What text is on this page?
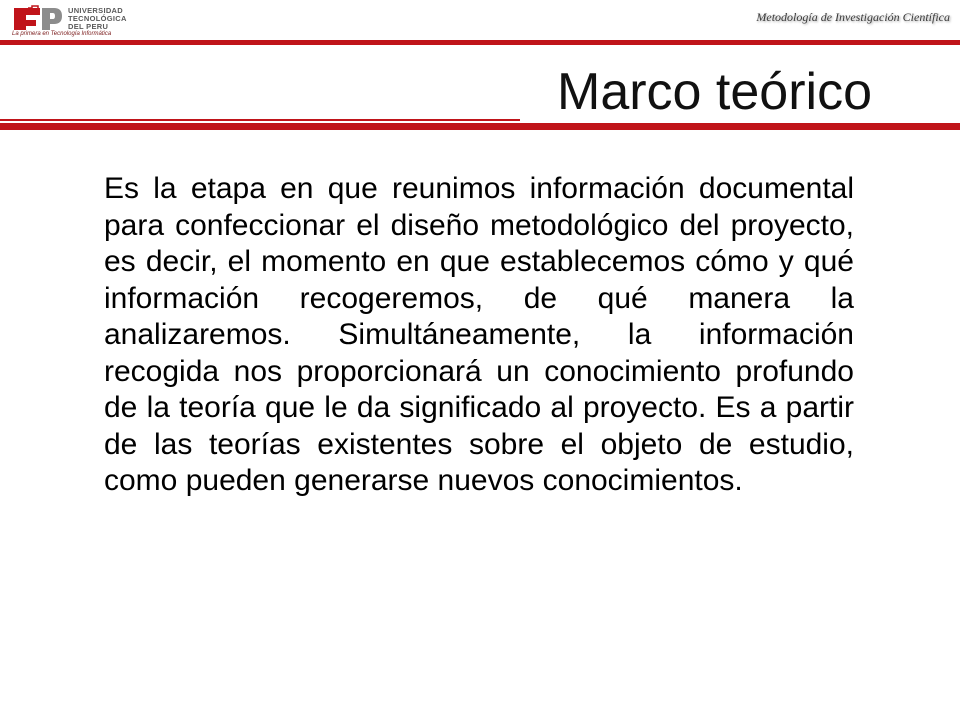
UNIVERSIDAD
TECNOLÓGICA
DEL PERU
La primera en Tecnología Informática
Metodología de Investigación Científica
Marco teórico
Es la etapa en que reunimos información documental para confeccionar el diseño metodológico del proyecto, es decir, el momento en que establecemos cómo y qué información recogeremos, de qué manera la analizaremos. Simultáneamente, la información recogida nos proporcionará un conocimiento profundo de la teoría que le da significado al proyecto. Es a partir de las teorías existentes sobre el objeto de estudio, como pueden generarse nuevos conocimientos.
